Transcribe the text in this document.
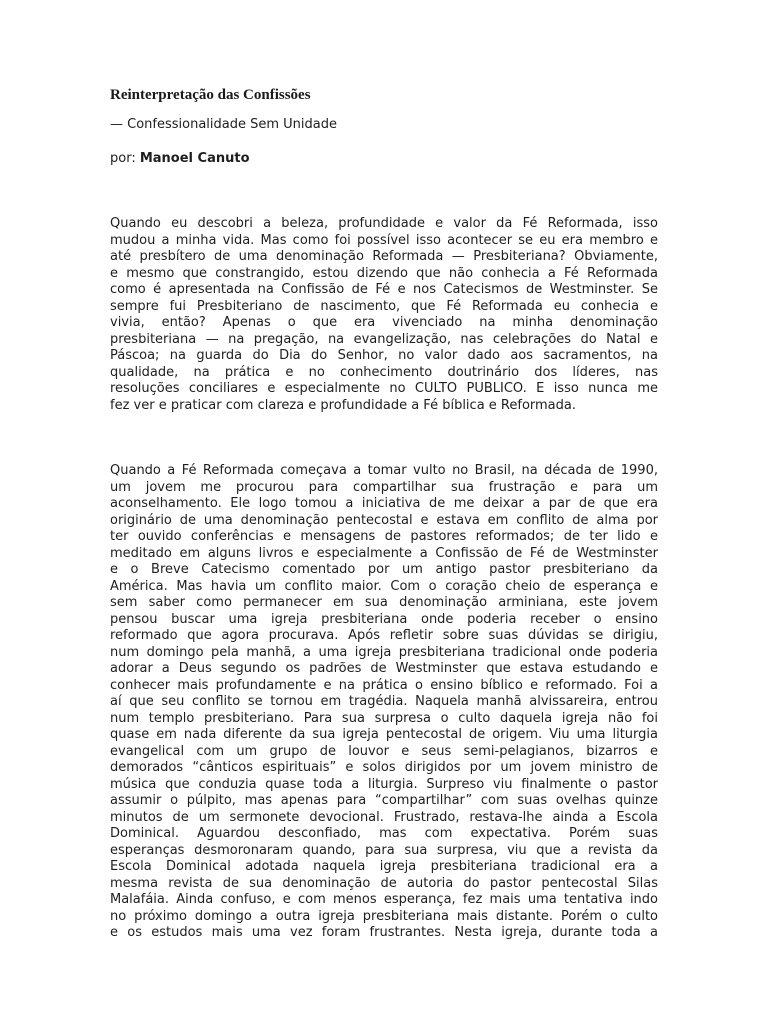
Reinterpretação das Confissões
— Confessionalidade Sem Unidade
por: Manoel Canuto
Quando eu descobri a beleza, profundidade e valor da Fé Reformada, isso
mudou a minha vida. Mas como foi possível isso acontecer se eu era membro e
até presbítero de uma denominação Reformada — Presbiteriana? Obviamente,
e mesmo que constrangido, estou dizendo que não conhecia a Fé Reformada
como é apresentada na Confissão de Fé e nos Catecismos de Westminster. Se
sempre fui Presbiteriano de nascimento, que Fé Reformada eu conhecia e
vivia, então? Apenas o que era vivenciado na minha denominação
presbiteriana — na pregação, na evangelização, nas celebrações do Natal e
Páscoa; na guarda do Dia do Senhor, no valor dado aos sacramentos, na
qualidade, na prática e no conhecimento doutrinário dos líderes, nas
resoluções conciliares e especialmente no CULTO PÚBLICO. E isso nunca me
fez ver e praticar com clareza e profundidade a Fé bíblica e Reformada.
Quando a Fé Reformada começava a tomar vulto no Brasil, na década de 1990,
um jovem me procurou para compartilhar sua frustração e para um
aconselhamento. Ele logo tomou a iniciativa de me deixar a par de que era
originário de uma denominação pentecostal e estava em conflito de alma por
ter ouvido conferências e mensagens de pastores reformados; de ter lido e
meditado em alguns livros e especialmente a Confissão de Fé de Westminster
e o Breve Catecismo comentado por um antigo pastor presbiteriano da
América. Mas havia um conflito maior. Com o coração cheio de esperança e
sem saber como permanecer em sua denominação arminiana, este jovem
pensou buscar uma igreja presbiteriana onde poderia receber o ensino
reformado que agora procurava. Após refletir sobre suas dúvidas se dirigiu,
num domingo pela manhã, a uma igreja presbiteriana tradicional onde poderia
adorar a Deus segundo os padrões de Westminster que estava estudando e
conhecer mais profundamente e na prática o ensino bíblico e reformado. Foi a
aí que seu conflito se tornou em tragédia. Naquela manhã alvissareira, entrou
num templo presbiteriano. Para sua surpresa o culto daquela igreja não foi
quase em nada diferente da sua igreja pentecostal de origem. Viu uma liturgia
evangelical com um grupo de louvor e seus semi-pelagianos, bizarros e
demorados “cânticos espirituais” e solos dirigidos por um jovem ministro de
música que conduzia quase toda a liturgia. Surpreso viu finalmente o pastor
assumir o púlpito, mas apenas para “compartilhar” com suas ovelhas quinze
minutos de um sermonete devocional. Frustrado, restava-lhe ainda a Escola
Dominical. Aguardou desconfiado, mas com expectativa. Porém suas
esperanças desmoronaram quando, para sua surpresa, viu que a revista da
Escola Dominical adotada naquela igreja presbiteriana tradicional era a
mesma revista de sua denominação de autoria do pastor pentecostal Silas
Malafáia. Ainda confuso, e com menos esperança, fez mais uma tentativa indo
no próximo domingo a outra igreja presbiteriana mais distante. Porém o culto
e os estudos mais uma vez foram frustrantes. Nesta igreja, durante toda a
